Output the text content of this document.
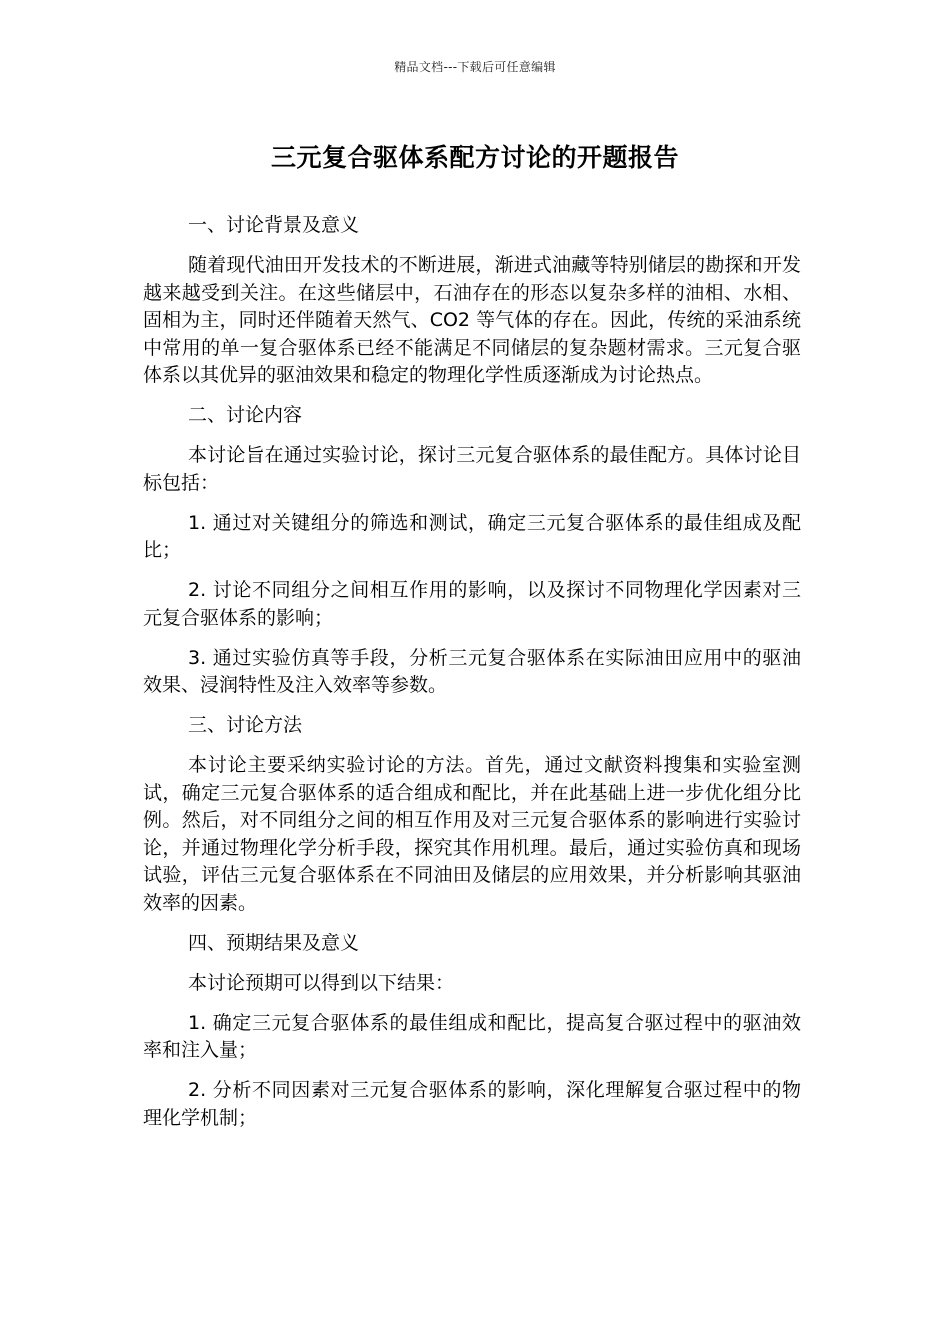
精品文档---下载后可任意编辑
三元复合驱体系配方讨论的开题报告

一、讨论背景及意义

随着现代油田开发技术的不断进展，渐进式油藏等特别储层的勘探和开发越来越受到关注。在这些储层中，石油存在的形态以复杂多样的油相、水相、固相为主，同时还伴随着天然气、CO2 等气体的存在。因此，传统的采油系统中常用的单一复合驱体系已经不能满足不同储层的复杂题材需求。三元复合驱体系以其优异的驱油效果和稳定的物理化学性质逐渐成为讨论热点。

二、讨论内容

本讨论旨在通过实验讨论，探讨三元复合驱体系的最佳配方。具体讨论目标包括：

1. 通过对关键组分的筛选和测试，确定三元复合驱体系的最佳组成及配比；

2. 讨论不同组分之间相互作用的影响，以及探讨不同物理化学因素对三元复合驱体系的影响；

3. 通过实验仿真等手段，分析三元复合驱体系在实际油田应用中的驱油效果、浸润特性及注入效率等参数。

三、讨论方法

本讨论主要采纳实验讨论的方法。首先，通过文献资料搜集和实验室测试，确定三元复合驱体系的适合组成和配比，并在此基础上进一步优化组分比例。然后，对不同组分之间的相互作用及对三元复合驱体系的影响进行实验讨论，并通过物理化学分析手段，探究其作用机理。最后，通过实验仿真和现场试验，评估三元复合驱体系在不同油田及储层的应用效果，并分析影响其驱油效率的因素。

四、预期结果及意义

本讨论预期可以得到以下结果：

1. 确定三元复合驱体系的最佳组成和配比，提高复合驱过程中的驱油效率和注入量；

2. 分析不同因素对三元复合驱体系的影响，深化理解复合驱过程中的物理化学机制；
